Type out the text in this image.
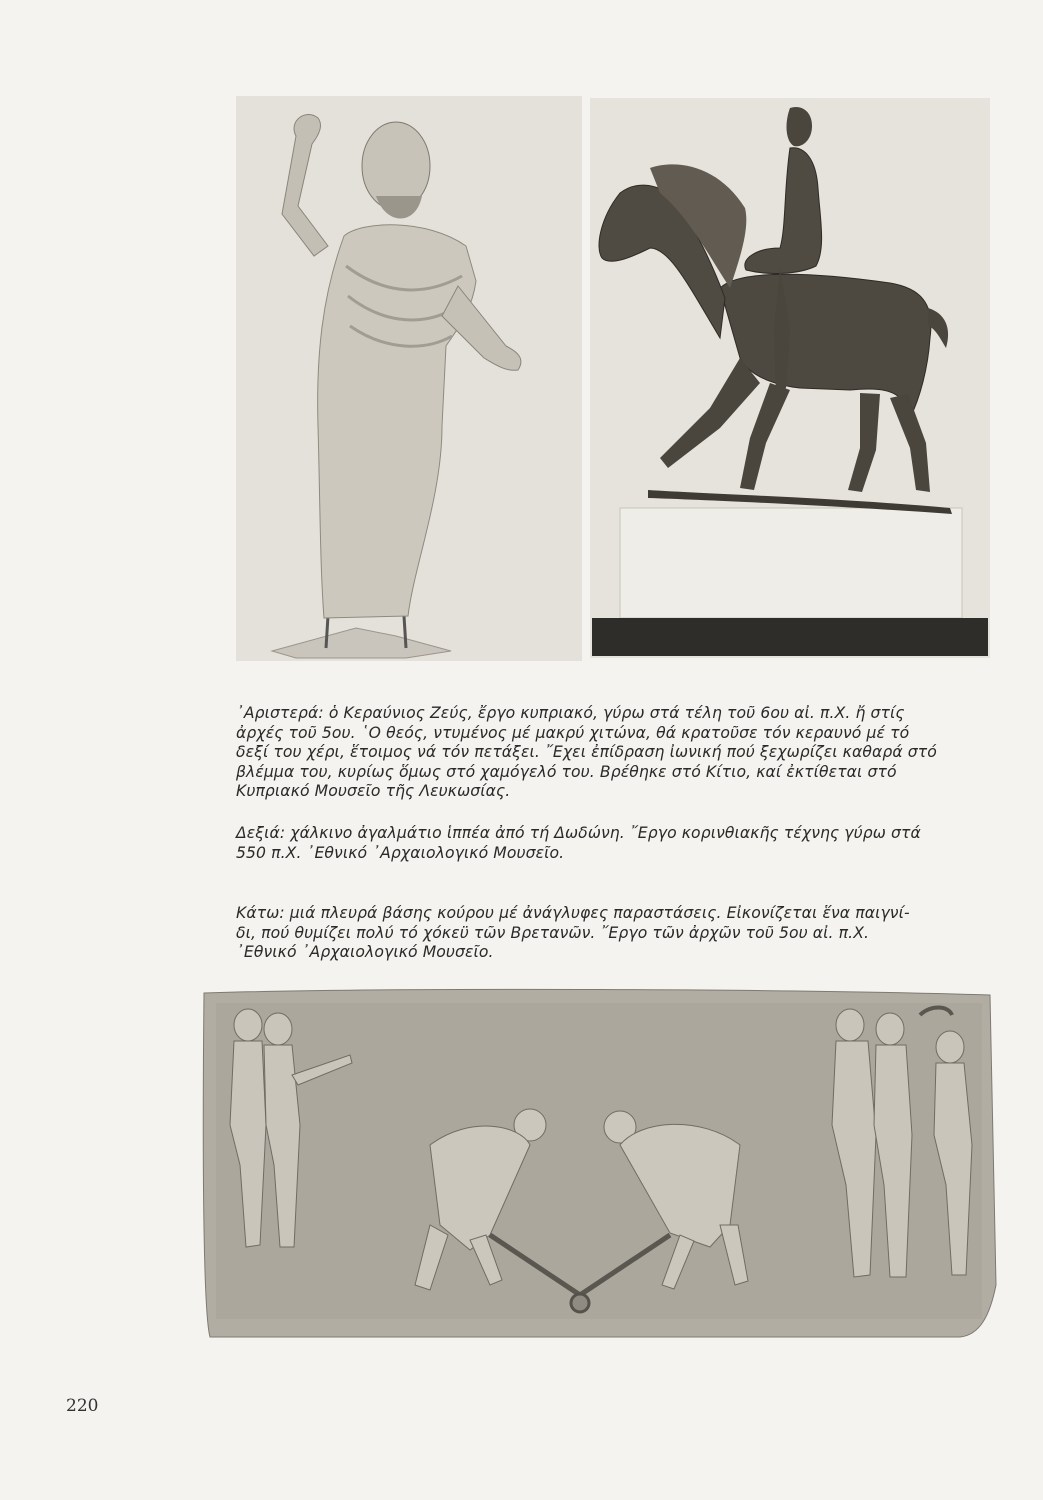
᾿Αριστερά: ὁ Κεραύνιος Ζεύς, ἔργο κυπριακό, γύρω στά τέλη τοῦ 6ου αἰ. π.Χ. ἤ στίς

ἀρχές τοῦ 5ου. ῾Ο θεός, ντυμένος μέ μακρύ χιτώνα, θά κρατοῦσε τόν κεραυνό μέ τό

δεξί του χέρι, ἕτοιμος νά τόν πετάξει. ῎Εχει ἐπίδραση ἰωνική πού ξεχωρίζει καθαρά στό

βλέμμα του, κυρίως ὅμως στό χαμόγελό του. Βρέθηκε στό Κίτιο, καί ἐκτίθεται στό

Κυπριακό Μουσεῖο τῆς Λευκωσίας.

Δεξιά: χάλκινο ἀγαλμάτιο ἱππέα ἀπό τή Δωδώνη. ῎Εργο κορινθιακῆς τέχνης γύρω στά

550 π.Χ. ᾿Εθνικό ᾿Αρχαιολογικό Μουσεῖο.

Κάτω: μιά πλευρά βάσης κούρου μέ ἀνάγλυφες παραστάσεις. Εἰκονίζεται ἕνα παιγνί-

δι, πού θυμίζει πολύ τό χόκεϋ τῶν Βρετανῶν. ῎Εργο τῶν ἀρχῶν τοῦ 5ου αἰ. π.Χ.

᾿Εθνικό ᾿Αρχαιολογικό Μουσεῖο.

220
